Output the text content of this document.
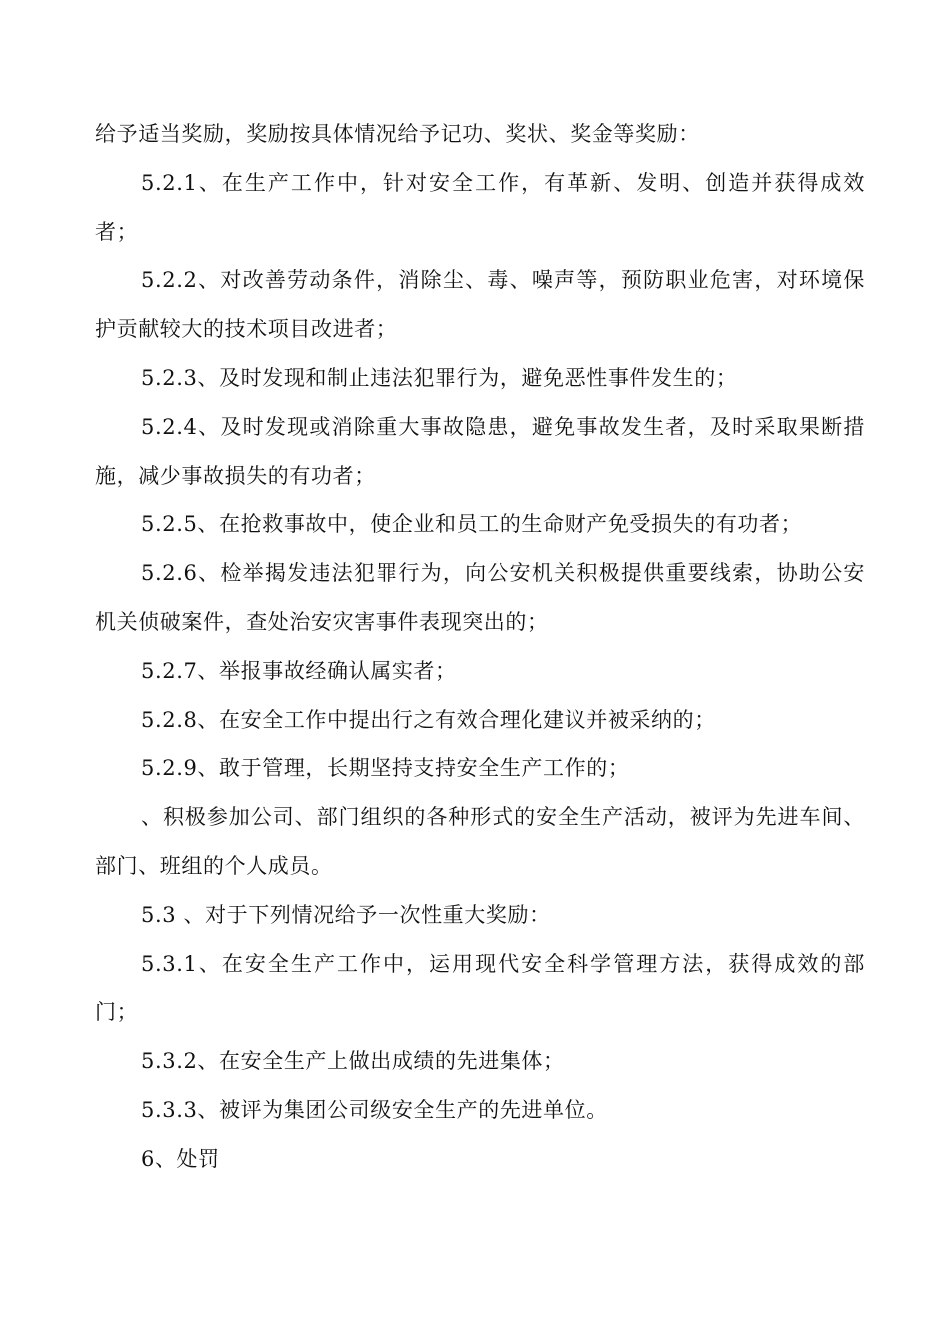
给予适当奖励，奖励按具体情况给予记功、奖状、奖金等奖励：

5.2.1、在生产工作中，针对安全工作，有革新、发明、创造并获得成效者；

5.2.2、对改善劳动条件，消除尘、毒、噪声等，预防职业危害，对环境保护贡献较大的技术项目改进者；

5.2.3、及时发现和制止违法犯罪行为，避免恶性事件发生的；

5.2.4、及时发现或消除重大事故隐患，避免事故发生者，及时采取果断措施，减少事故损失的有功者；

5.2.5、在抢救事故中，使企业和员工的生命财产免受损失的有功者；

5.2.6、检举揭发违法犯罪行为，向公安机关积极提供重要线索，协助公安机关侦破案件，查处治安灾害事件表现突出的；

5.2.7、举报事故经确认属实者；

5.2.8、在安全工作中提出行之有效合理化建议并被采纳的；

5.2.9、敢于管理，长期坚持支持安全生产工作的；

、积极参加公司、部门组织的各种形式的安全生产活动，被评为先进车间、部门、班组的个人成员。

5.3 、对于下列情况给予一次性重大奖励：

5.3.1、在安全生产工作中，运用现代安全科学管理方法，获得成效的部门；

5.3.2、在安全生产上做出成绩的先进集体；

5.3.3、被评为集团公司级安全生产的先进单位。

6、处罚
